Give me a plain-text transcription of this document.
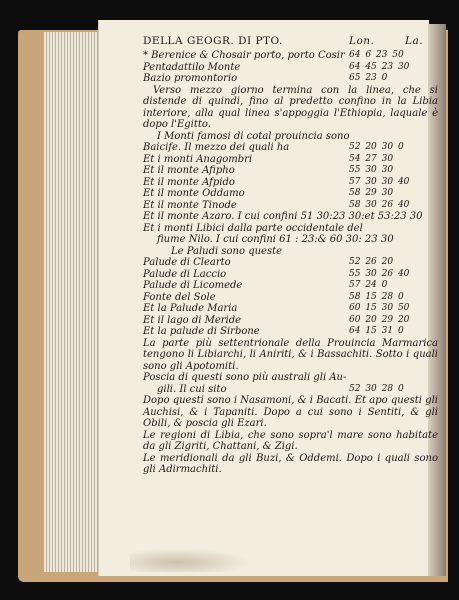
DELLA GEOGR. DI PTO.	Lon.	La.
* Berenice & Chosair porto, porto Cosir 64 6 23 50
Pentadattilo Monte	64 45 23 30
Bazio promontorio	65 23 0

Verso mezzo giorno termina con la linea, che si distende di quindi, fino al predetto confino in la Libia interiore, alla qual linea s'appoggia l'Ethiopia, laquale è dopo l'Egitto.

I Monti famosi di cotal prouincia sono
Baicife. Il mezzo dei quali ha	52 20 30 0
Et i monti Anagombri	54 27 30
Et il monte Afipho	55 30 30
Et il monte Afpido	57 30 30 40
Et il monte Oddamo	58 29 30
Et il monte Tinode	58 30 26 40
Et il monte Azaro. I cui confini 51 30:23 30:et 53:23 30
Et i monti Libici dalla parte occidentale del
fiume Nilo. I cui confini 61 : 23:& 60 30: 23 30
Le Paludi sono queste
Palude di Clearto	52 26 20
Palude di Laccio	55 30 26 40
Palude di Licomede	57 24 0
Fonte del Sole	58 15 28 0
Et la Palude Maria	60 15 30 50
Et il lago di Meride	60 20 29 20
Et la palude di Sirbone	64 15 31 0

La parte più settentrionale della Prouincia Marmarica tengono li Libiarchi, li Aniriti, & i Bassachiti. Sotto i quali sono gli Apotomiti.

Poscia di questi sono più australi gli Au-
gili. Il cui sito	52 30 28 0

Dopo questi sono i Nasamoni, & i Bacati. Et apo questi gli Auchisi, & i Tapaniti. Dopo a cui sono i Sentiti, & gli Obili, & poscia gli Ezari.

Le regioni di Libia, che sono sopra'l mare sono habitate da gli Zigriti, Chattani, & Zigi.

Le meridionali da gli Buzi, & Oddemi. Dopo i quali sono gli Adirmachiti.
